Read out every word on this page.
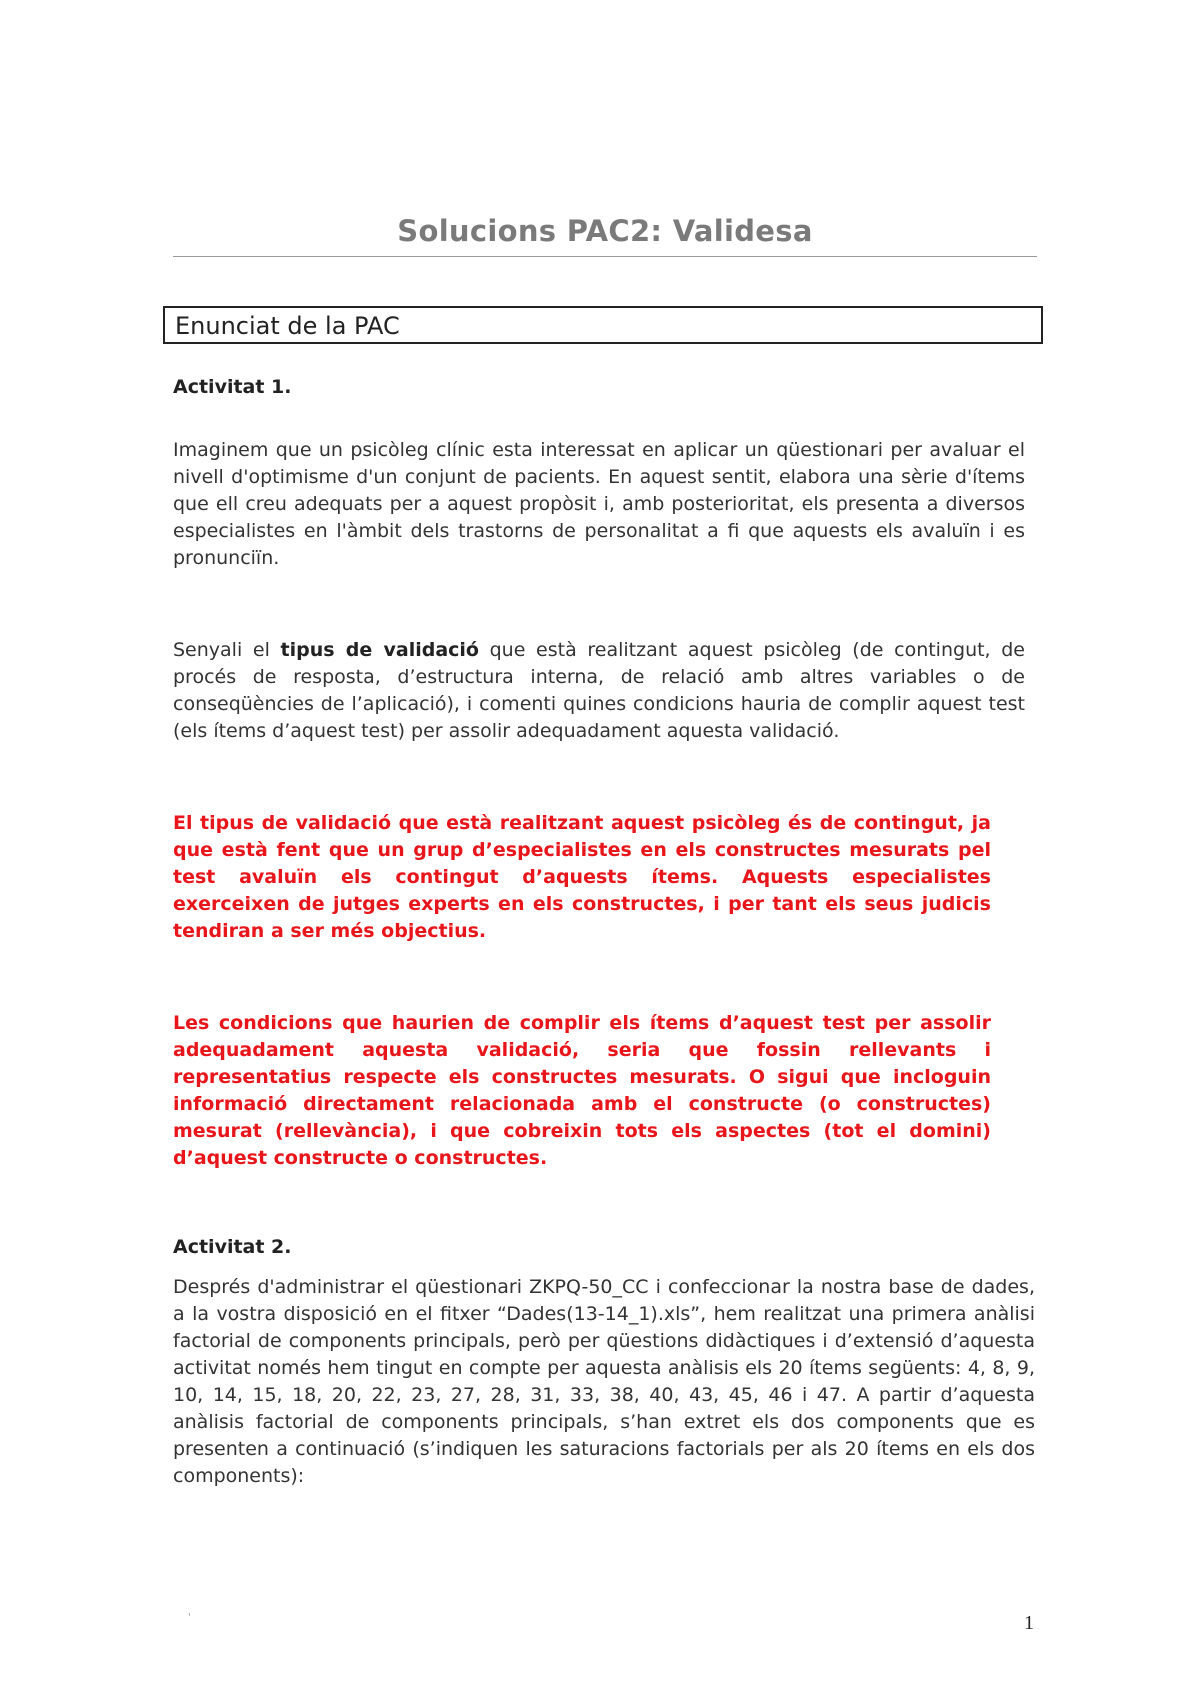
Solucions PAC2: Validesa
Enunciat de la PAC
Activitat 1.

Imaginem que un psicòleg clínic esta interessat en aplicar un qüestionari per avaluar el nivell d'optimisme d'un conjunt de pacients. En aquest sentit, elabora una sèrie d'ítems que ell creu adequats per a aquest propòsit i, amb posterioritat, els presenta a diversos especialistes en l'àmbit dels trastorns de personalitat a fi que aquests els avaluïn i es pronunciïn.

Senyali el tipus de validació que està realitzant aquest psicòleg (de contingut, de procés de resposta, d’estructura interna, de relació amb altres variables o de conseqüències de l’aplicació), i comenti quines condicions hauria de complir aquest test (els ítems d’aquest test) per assolir adequadament aquesta validació.

El tipus de validació que està realitzant aquest psicòleg és de contingut, ja que està fent que un grup d’especialistes en els constructes mesurats pel test avaluïn els contingut d’aquests ítems. Aquests especialistes exerceixen de jutges experts en els constructes, i per tant els seus judicis tendiran a ser més objectius.

Les condicions que haurien de complir els ítems d’aquest test per assolir adequadament aquesta validació, seria que fossin rellevants i representatius respecte els constructes mesurats. O sigui que incloguin informació directament relacionada amb el constructe (o constructes) mesurat (rellevància), i que cobreixin tots els aspectes (tot el domini) d’aquest constructe o constructes.

Activitat 2.

Després d'administrar el qüestionari ZKPQ-50_CC i confeccionar la nostra base de dades, a la vostra disposició en el fitxer “Dades(13-14_1).xls”, hem realitzat una primera anàlisi factorial de components principals, però per qüestions didàctiques i d’extensió d’aquesta activitat només hem tingut en compte per aquesta anàlisis els 20 ítems següents: 4, 8, 9, 10, 14, 15, 18, 20, 22, 23, 27, 28, 31, 33, 38, 40, 43, 45, 46 i 47. A partir d’aquesta anàlisis factorial de components principals, s’han extret els dos components que es presenten a continuació (s’indiquen les saturacions factorials per als 20 ítems en els dos components):

'	1
